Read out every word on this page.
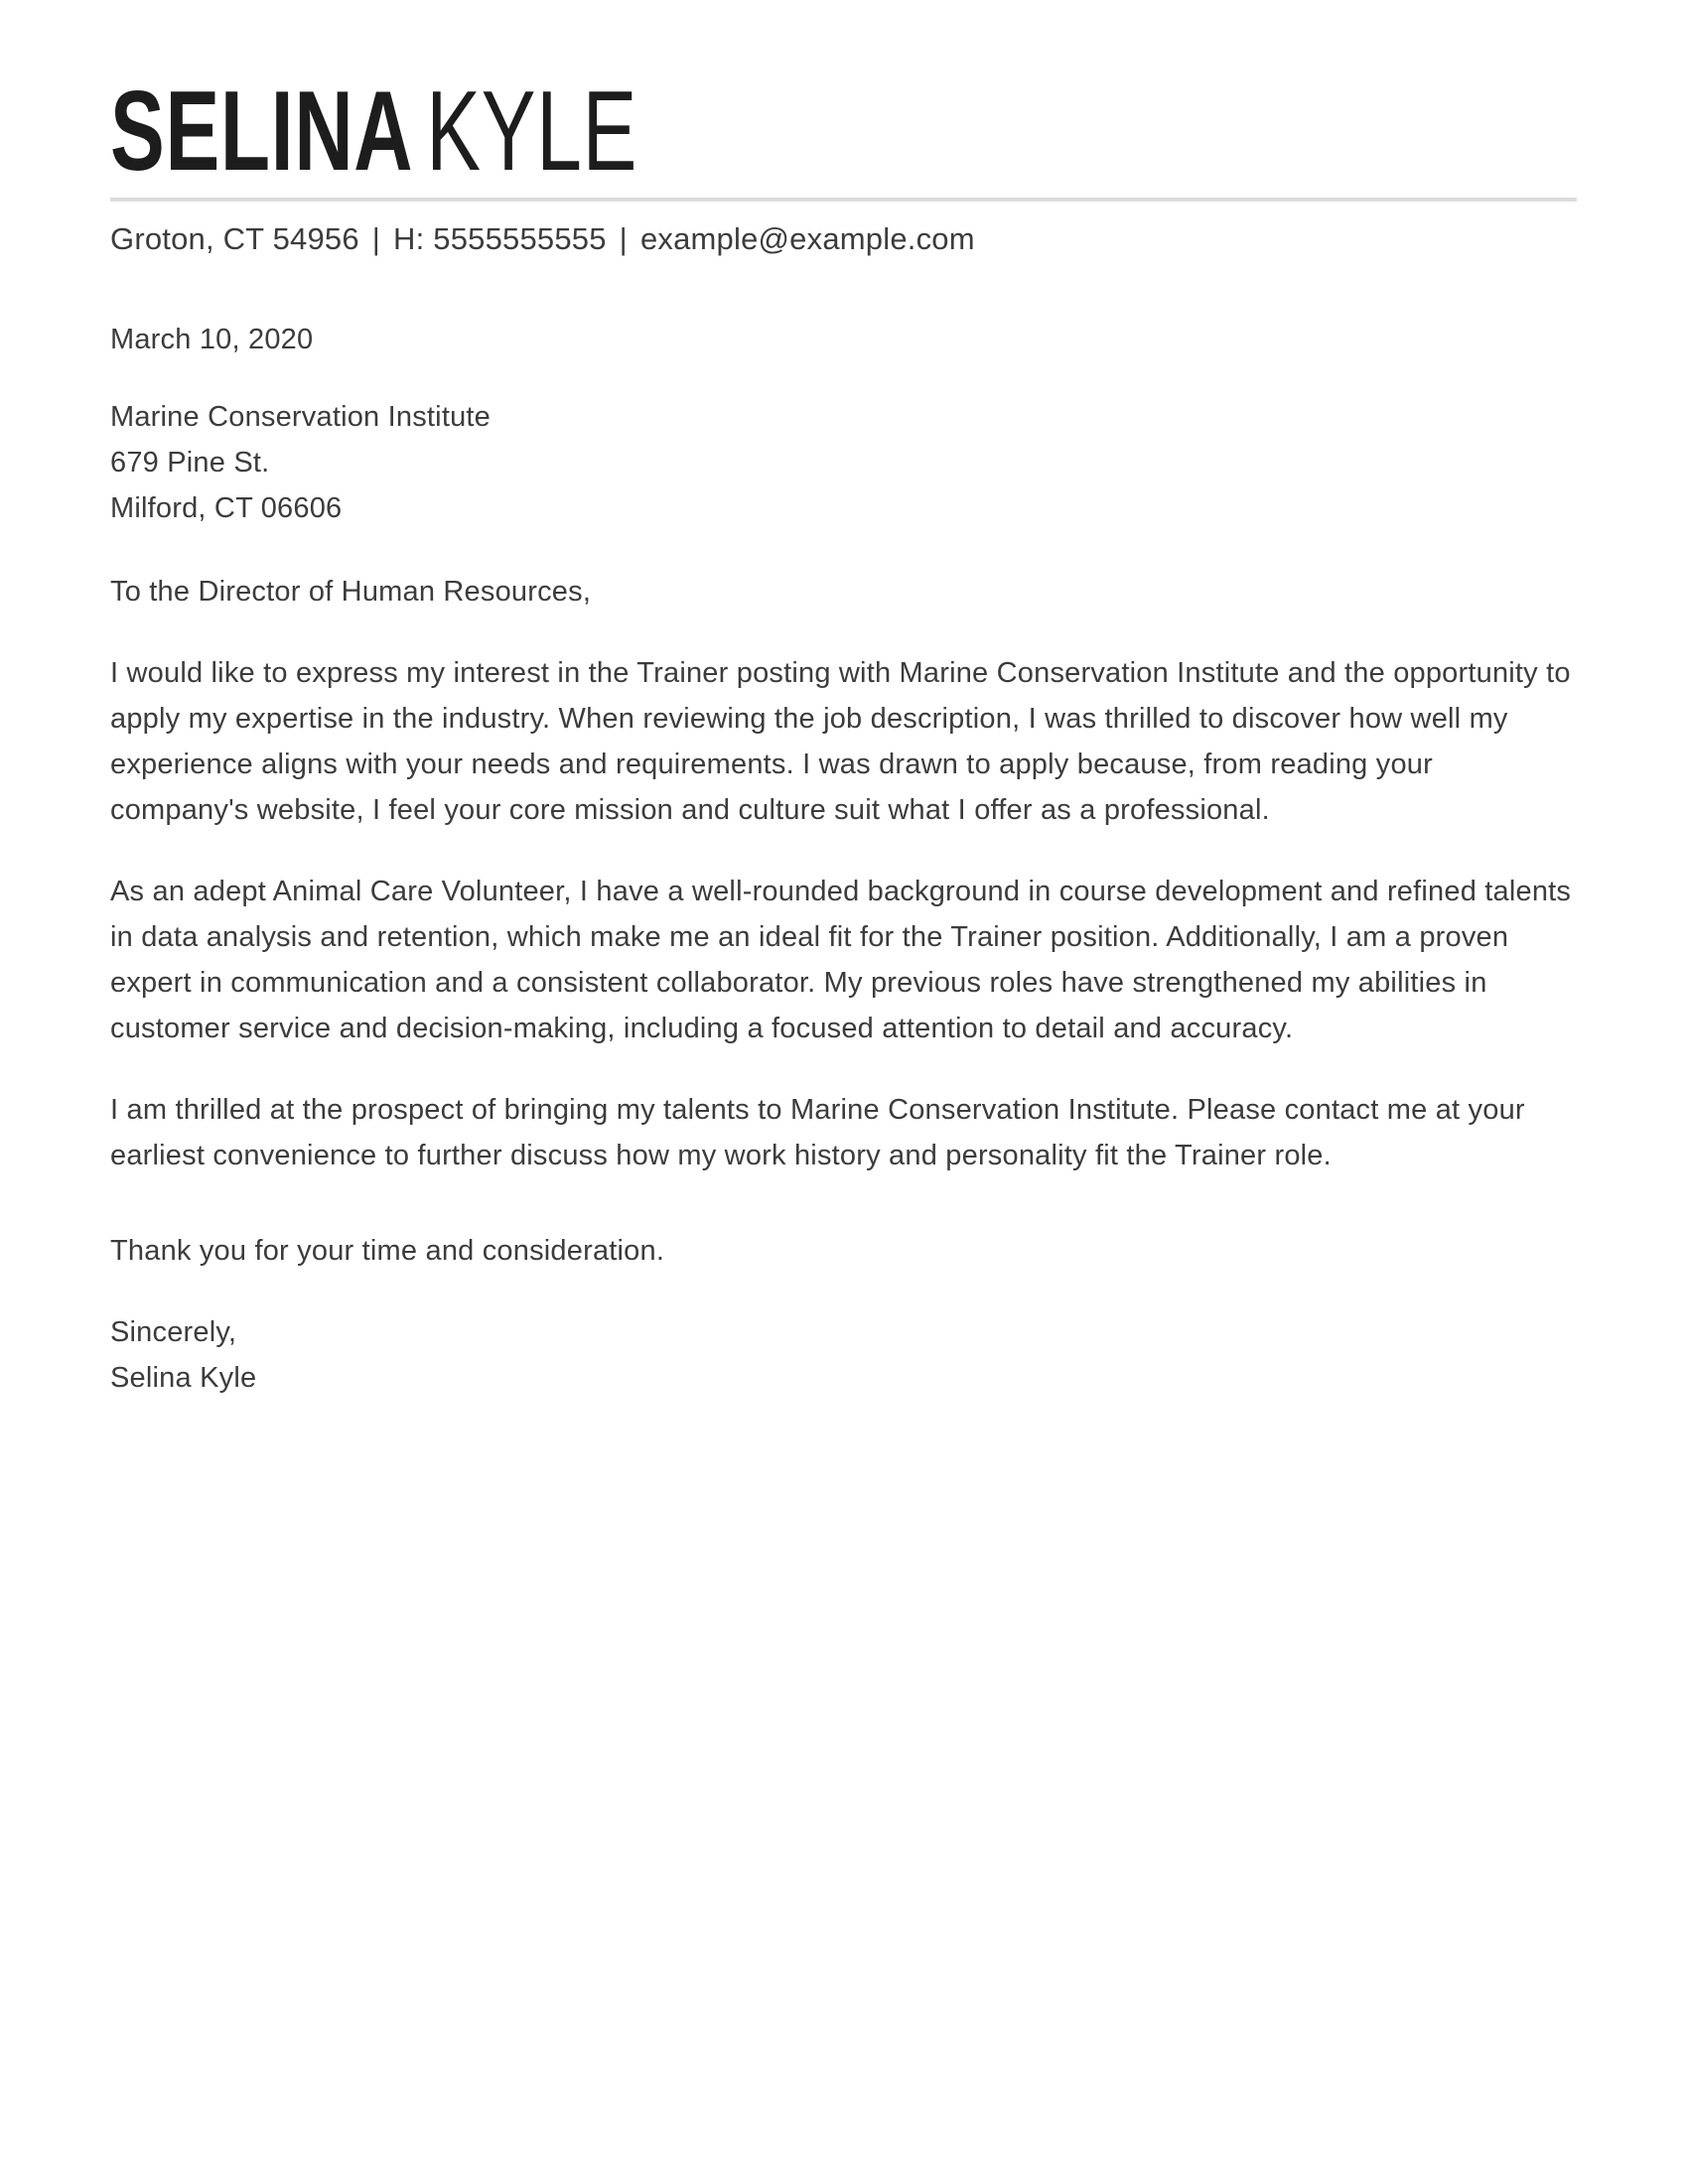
SELINA KYLE
Groton, CT 54956 | H: 5555555555 | example@example.com

March 10, 2020

Marine Conservation Institute
679 Pine St.
Milford, CT 06606

To the Director of Human Resources,

I would like to express my interest in the Trainer posting with Marine Conservation Institute and the opportunity to apply my expertise in the industry. When reviewing the job description, I was thrilled to discover how well my experience aligns with your needs and requirements. I was drawn to apply because, from reading your company's website, I feel your core mission and culture suit what I offer as a professional.

As an adept Animal Care Volunteer, I have a well-rounded background in course development and refined talents in data analysis and retention, which make me an ideal fit for the Trainer position. Additionally, I am a proven expert in communication and a consistent collaborator. My previous roles have strengthened my abilities in customer service and decision-making, including a focused attention to detail and accuracy.

I am thrilled at the prospect of bringing my talents to Marine Conservation Institute. Please contact me at your earliest convenience to further discuss how my work history and personality fit the Trainer role.

Thank you for your time and consideration.

Sincerely,
Selina Kyle
